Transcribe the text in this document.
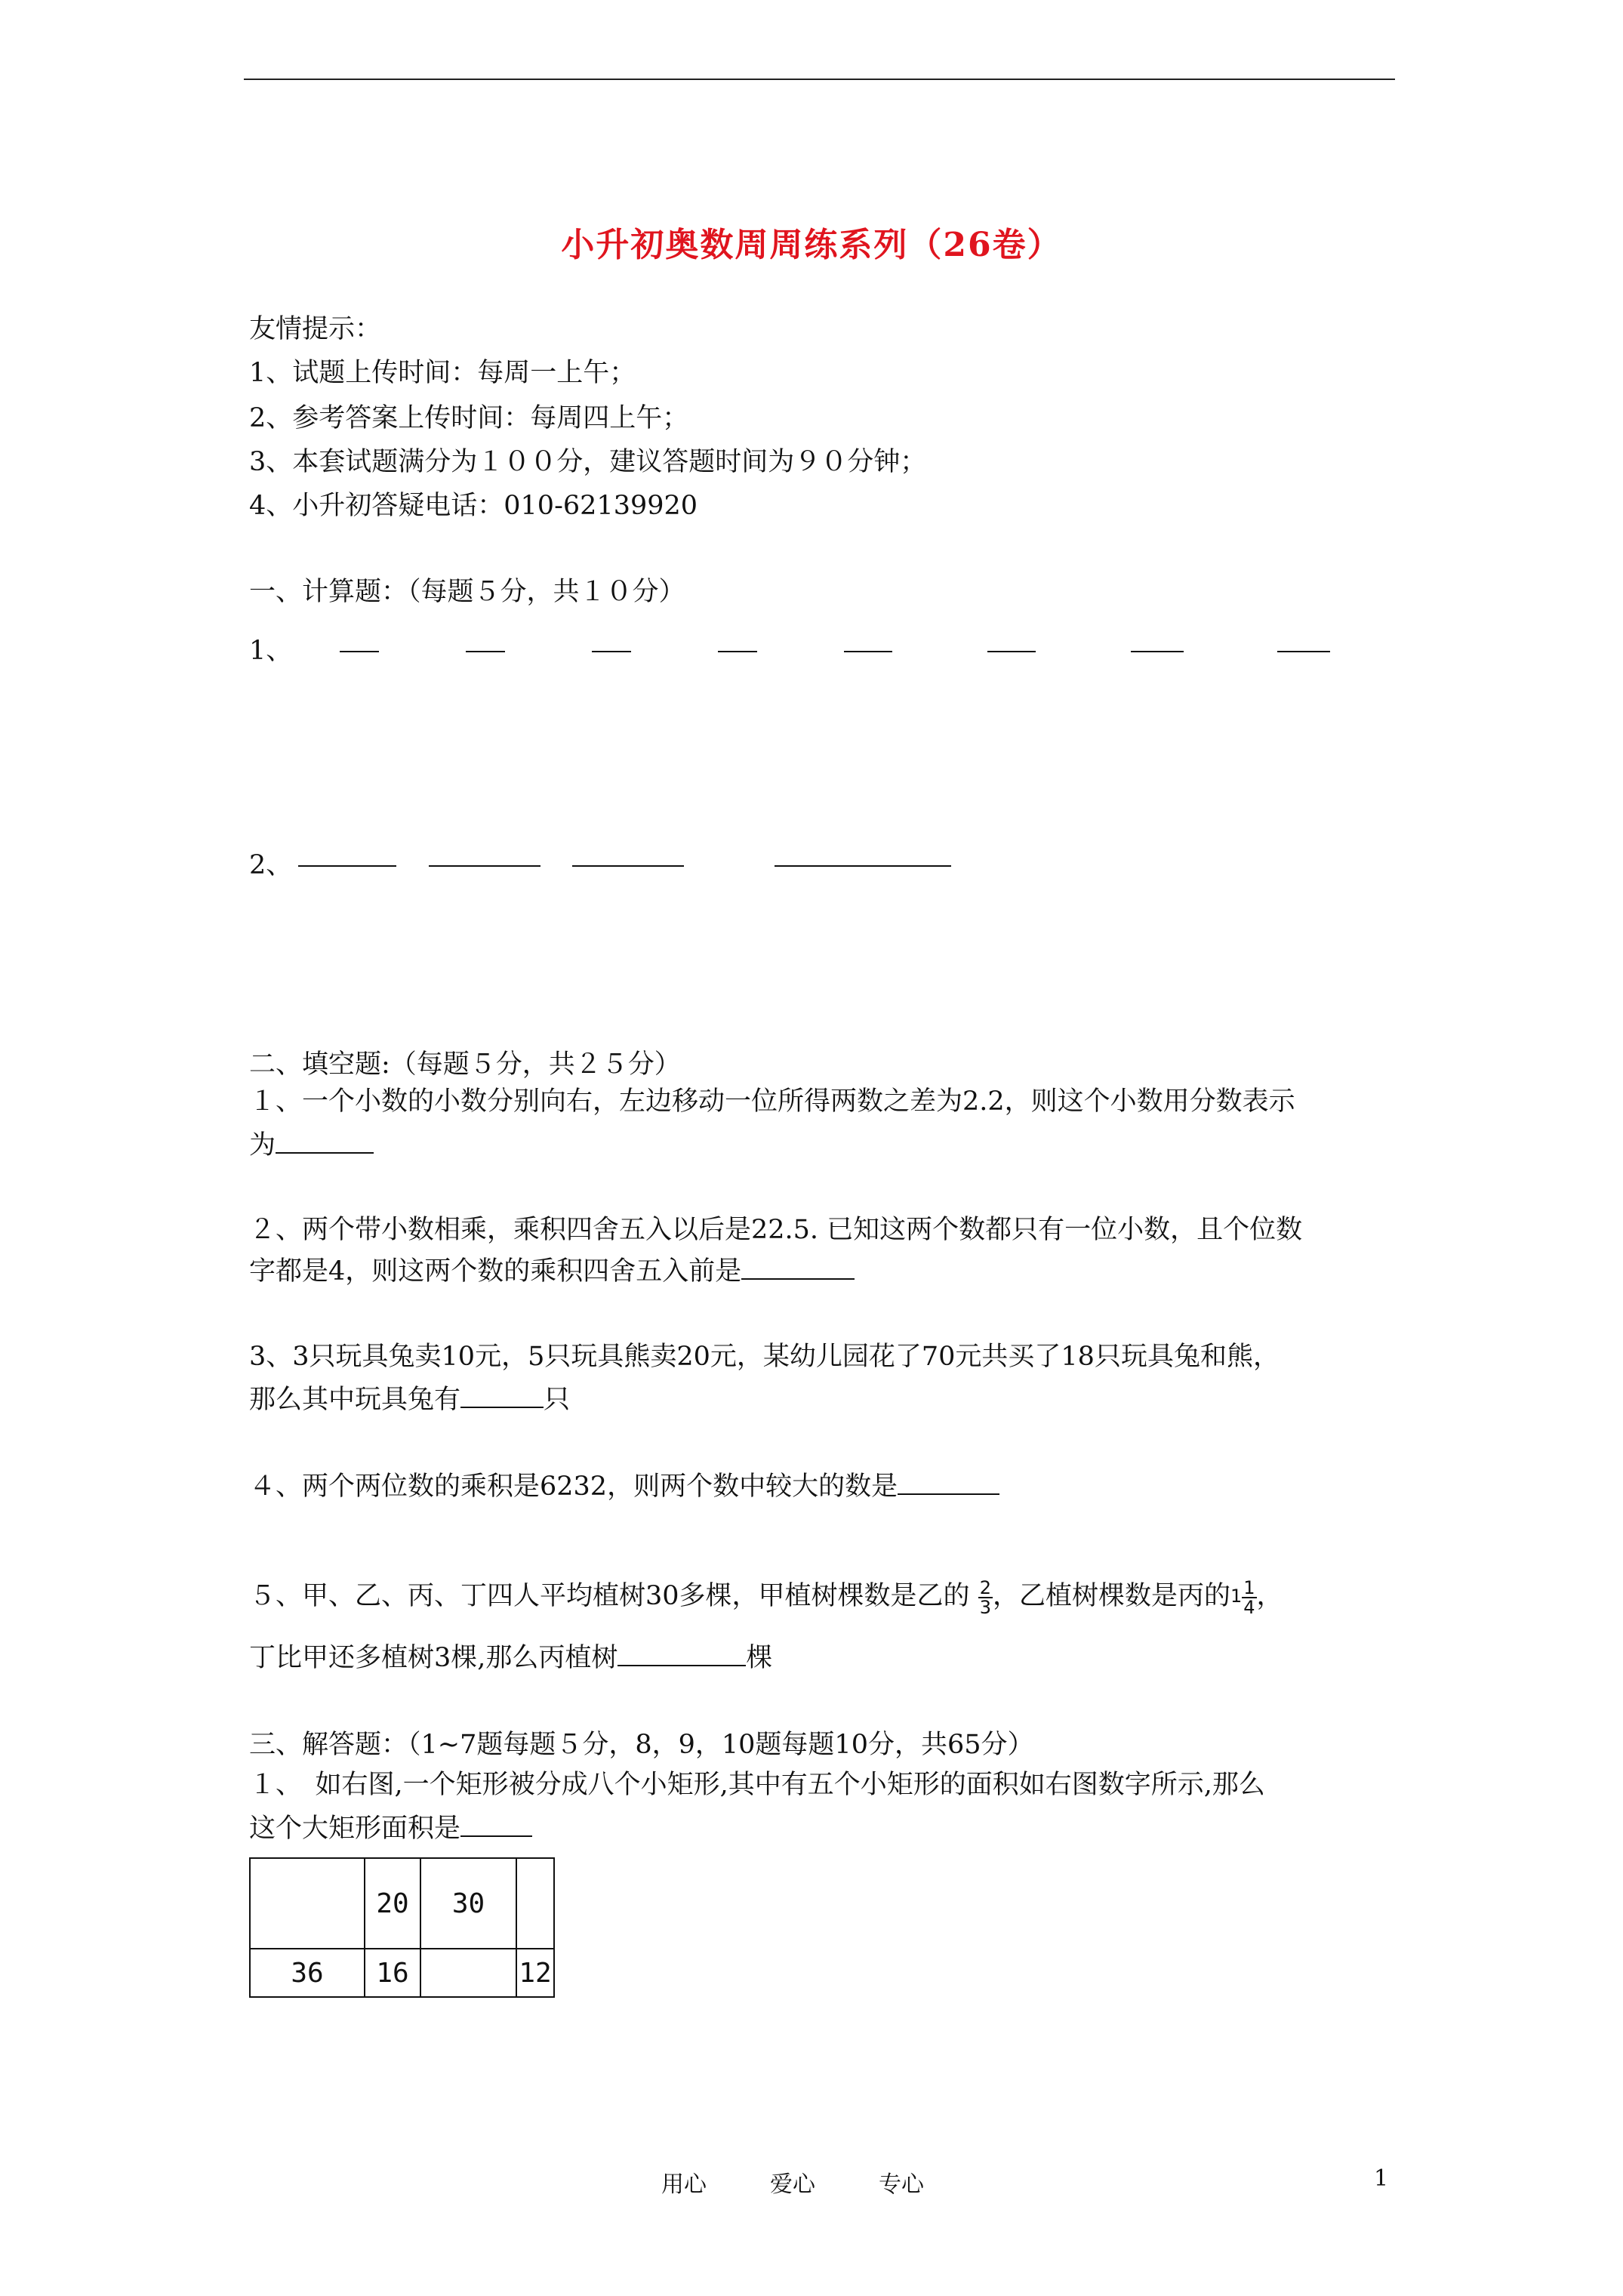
小升初奥数周周练系列（26卷）
友情提示：
1、试题上传时间：每周一上午；
2、参考答案上传时间：每周四上午；
3、本套试题满分为１００分，建议答题时间为９０分钟；
4、小升初答疑电话：010-62139920
一、计算题：（每题５分，共１０分）
1、
2、
二、填空题:（每题５分，共２５分）
１、一个小数的小数分别向右，左边移动一位所得两数之差为2.2，则这个小数用分数表示
为
２、两个带小数相乘，乘积四舍五入以后是22.5. 已知这两个数都只有一位小数，且个位数
字都是4，则这两个数的乘积四舍五入前是
3、3只玩具兔卖10元，5只玩具熊卖20元，某幼儿园花了70元共买了18只玩具兔和熊，
那么其中玩具兔有	只
４、两个两位数的乘积是6232，则两个数中较大的数是
５、甲、乙、丙、丁四人平均植树30多棵，甲植树棵数是乙的 $\frac{2}{3}$ ，乙植树棵数是丙的$^1 \frac{1}{4}$ ，
丁比甲还多植树3棵,那么丙植树	棵
三、解答题：（1~7题每题５分，8，9，10题每题10分，共65分）
１、　如右图,一个矩形被分成八个小矩形,其中有五个小矩形的面积如右图数字所示,那么
这个大矩形面积是
	20	30	
36	16		12
用心	爱心	专心	1
